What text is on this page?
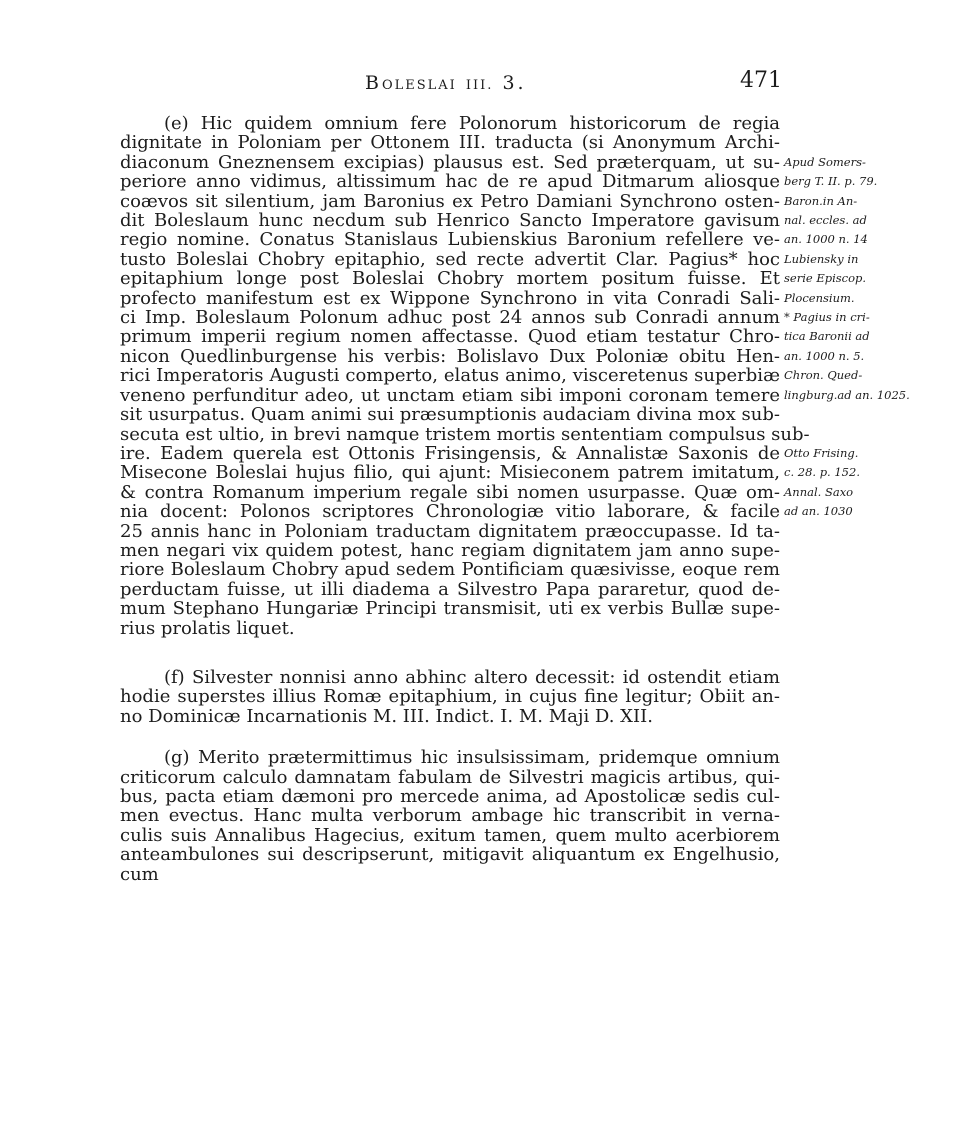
BOLESLAI III. 3.	471
(e) Hic quidem omnium fere Polonorum historicorum de regia
dignitate in Poloniam per Ottonem III. traducta (si Anonymum Archi-
diaconum Gneznensem excipias) plausus est. Sed præterquam, ut su- Apud Somers-
periore anno vidimus, altissimum hac de re apud Ditmarum aliosque berg T. II. p. 79.
coævos sit silentium, jam Baronius ex Petro Damiani Synchrono osten- Baron.in An-
dit Boleslaum hunc necdum sub Henrico Sancto Imperatore gavisum nal. eccles. ad
regio nomine. Conatus Stanislaus Lubienskius Baronium refellere ve- an. 1000 n. 14
tusto Boleslai Chobry epitaphio, sed recte advertit Clar. Pagius* hoc Lubiensky in
epitaphium longe post Boleslai Chobry mortem positum fuisse. Et serie Episcop.
profecto manifestum est ex Wippone Synchrono in vita Conradi Sali- Plocensium.
ci Imp. Boleslaum Polonum adhuc post 24 annos sub Conradi annum * Pagius in cri-
primum imperii regium nomen affectasse. Quod etiam testatur Chro- tica Baronii ad
nicon Quedlinburgense his verbis: Bolislavo Dux Poloniæ obitu Hen- an. 1000 n. 5.
rici Imperatoris Augusti comperto, elatus animo, visceretenus superbiæ Chron. Qued-
veneno perfunditur adeo, ut unctam etiam sibi imponi coronam temere lingburg.ad an. 1025.
sit usurpatus. Quam animi sui præsumptionis audaciam divina mox sub-
secuta est ultio, in brevi namque tristem mortis sententiam compulsus sub-
ire. Eadem querela est Ottonis Frisingensis, & Annalistæ Saxonis de Otto Frising.
Misecone Boleslai hujus filio, qui ajunt: Misieconem patrem imitatum, c. 28. p. 152.
& contra Romanum imperium regale sibi nomen usurpasse. Quæ om- Annal. Saxo
nia docent: Polonos scriptores Chronologiæ vitio laborare, & facile ad an. 1030
25 annis hanc in Poloniam traductam dignitatem præoccupasse. Id ta-
men negari vix quidem potest, hanc regiam dignitatem jam anno supe-
riore Boleslaum Chobry apud sedem Pontificiam quæsivisse, eoque rem
perductam fuisse, ut illi diadema a Silvestro Papa pararetur, quod de-
mum Stephano Hungariæ Principi transmisit, uti ex verbis Bullæ supe-
rius prolatis liquet.
(f) Silvester nonnisi anno abhinc altero decessit: id ostendit etiam
hodie superstes illius Romæ epitaphium, in cujus fine legitur; Obiit an-
no Dominicæ Incarnationis M. III. Indict. I. M. Maji D. XII.
(g) Merito prætermittimus hic insulsissimam, pridemque omnium
criticorum calculo damnatam fabulam de Silvestri magicis artibus, qui-
bus, pacta etiam dæmoni pro mercede anima, ad Apostolicæ sedis cul-
men evectus. Hanc multa verborum ambage hic transcribit in verna-
culis suis Annalibus Hagecius, exitum tamen, quem multo acerbiorem
anteambulones sui descripserunt, mitigavit aliquantum ex Engelhusio,
cum
